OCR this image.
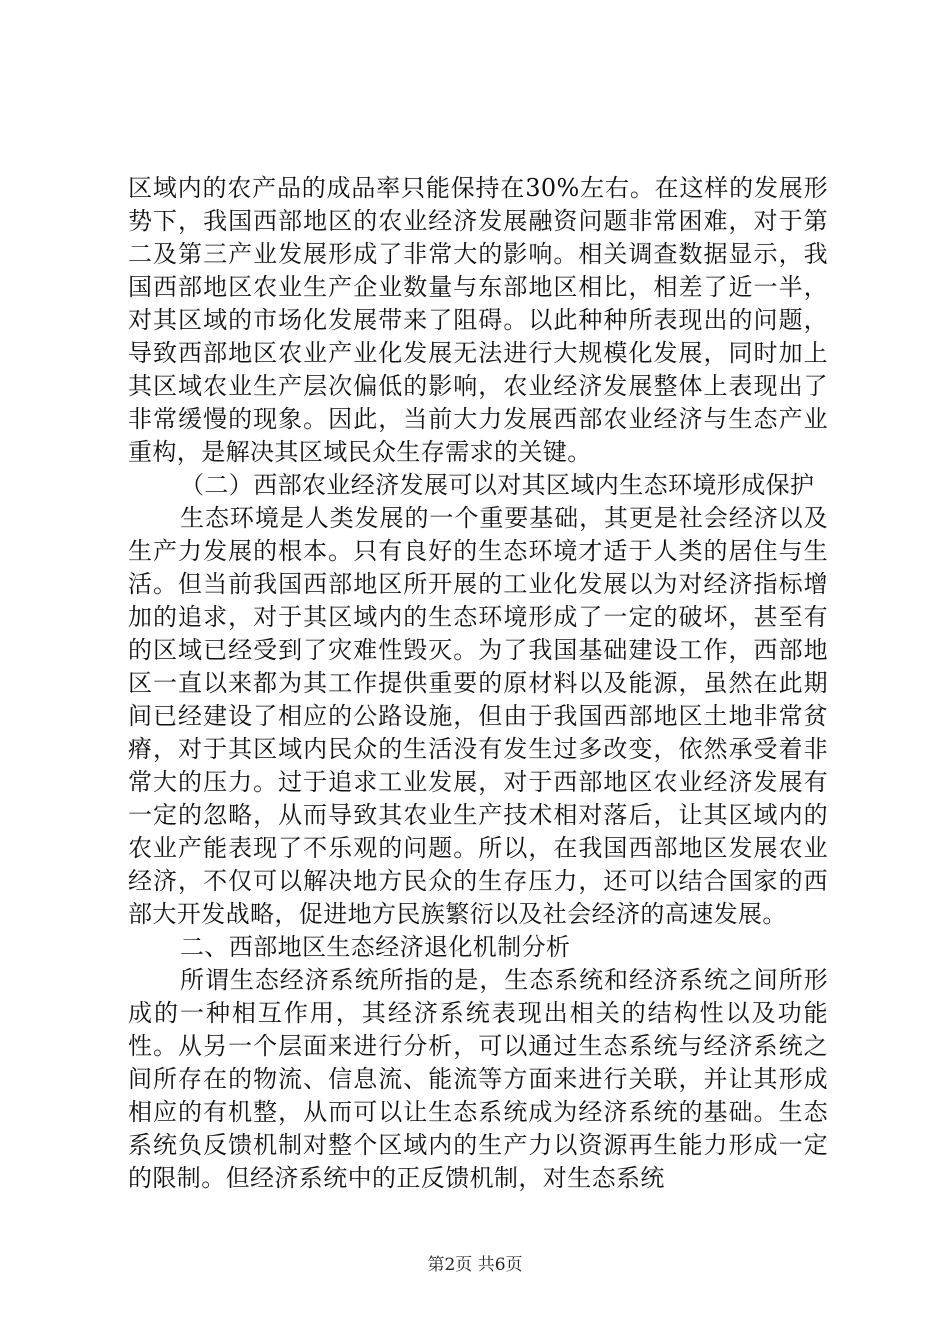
区域内的农产品的成品率只能保持在30%左右。在这样的发展形势下，我国西部地区的农业经济发展融资问题非常困难，对于第二及第三产业发展形成了非常大的影响。相关调查数据显示，我国西部地区农业生产企业数量与东部地区相比，相差了近一半，对其区域的市场化发展带来了阻碍。以此种种所表现出的问题，导致西部地区农业产业化发展无法进行大规模化发展，同时加上其区域农业生产层次偏低的影响，农业经济发展整体上表现出了非常缓慢的现象。因此，当前大力发展西部农业经济与生态产业重构，是解决其区域民众生存需求的关键。

（二）西部农业经济发展可以对其区域内生态环境形成保护

生态环境是人类发展的一个重要基础，其更是社会经济以及生产力发展的根本。只有良好的生态环境才适于人类的居住与生活。但当前我国西部地区所开展的工业化发展以为对经济指标增加的追求，对于其区域内的生态环境形成了一定的破坏，甚至有的区域已经受到了灾难性毁灭。为了我国基础建设工作，西部地区一直以来都为其工作提供重要的原材料以及能源，虽然在此期间已经建设了相应的公路设施，但由于我国西部地区土地非常贫瘠，对于其区域内民众的生活没有发生过多改变，依然承受着非常大的压力。过于追求工业发展，对于西部地区农业经济发展有一定的忽略，从而导致其农业生产技术相对落后，让其区域内的农业产能表现了不乐观的问题。所以，在我国西部地区发展农业经济，不仅可以解决地方民众的生存压力，还可以结合国家的西部大开发战略，促进地方民族繁衍以及社会经济的高速发展。

二、西部地区生态经济退化机制分析

所谓生态经济系统所指的是，生态系统和经济系统之间所形成的一种相互作用，其经济系统表现出相关的结构性以及功能性。从另一个层面来进行分析，可以通过生态系统与经济系统之间所存在的物流、信息流、能流等方面来进行关联，并让其形成相应的有机整，从而可以让生态系统成为经济系统的基础。生态系统负反馈机制对整个区域内的生产力以资源再生能力形成一定的限制。但经济系统中的正反馈机制，对生态系统

第2页 共6页
